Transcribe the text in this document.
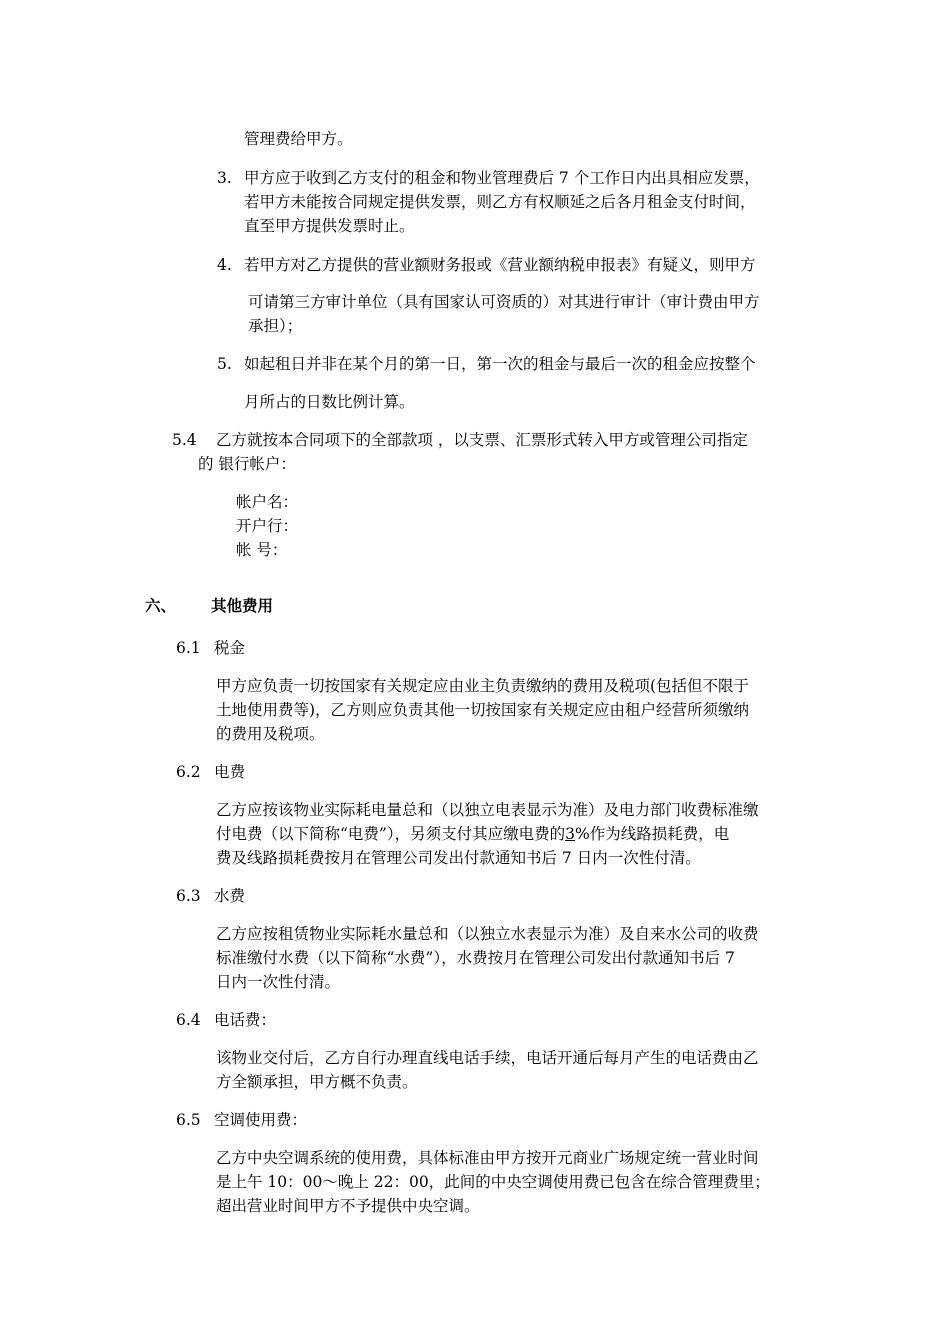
管理费给甲方。
3. 甲方应于收到乙方支付的租金和物业管理费后 7 个工作日内出具相应发票，
若甲方未能按合同规定提供发票，则乙方有权顺延之后各月租金支付时间，
直至甲方提供发票时止。
4. 若甲方对乙方提供的营业额财务报或《营业额纳税申报表》有疑义，则甲方
可请第三方审计单位（具有国家认可资质的）对其进行审计（审计费由甲方
承担）；
5. 如起租日并非在某个月的第一日，第一次的租金与最后一次的租金应按整个
月所占的日数比例计算。
5.4 乙方就按本合同项下的全部款项 ，以支票、汇票形式转入甲方或管理公司指定
的 银行帐户：
帐户名：
开户行：
帐 号：
六、 其他费用
6.1 税金
甲方应负责一切按国家有关规定应由业主负责缴纳的费用及税项(包括但不限于
土地使用费等)，乙方则应负责其他一切按国家有关规定应由租户经营所须缴纳
的费用及税项。
6.2 电费
乙方应按该物业实际耗电量总和（以独立电表显示为准）及电力部门收费标准缴
付电费（以下简称“电费”），另须支付其应缴电费的3%作为线路损耗费，电
费及线路损耗费按月在管理公司发出付款通知书后 7 日内一次性付清。
6.3 水费
乙方应按租赁物业实际耗水量总和（以独立水表显示为准）及自来水公司的收费
标准缴付水费（以下简称“水费”），水费按月在管理公司发出付款通知书后 7
日内一次性付清。
6.4 电话费：
该物业交付后，乙方自行办理直线电话手续，电话开通后每月产生的电话费由乙
方全额承担，甲方概不负责。
6.5 空调使用费：
乙方中央空调系统的使用费，具体标准由甲方按开元商业广场规定统一营业时间
是上午 10：00～晚上 22：00，此间的中央空调使用费已包含在综合管理费里；
超出营业时间甲方不予提供中央空调。
